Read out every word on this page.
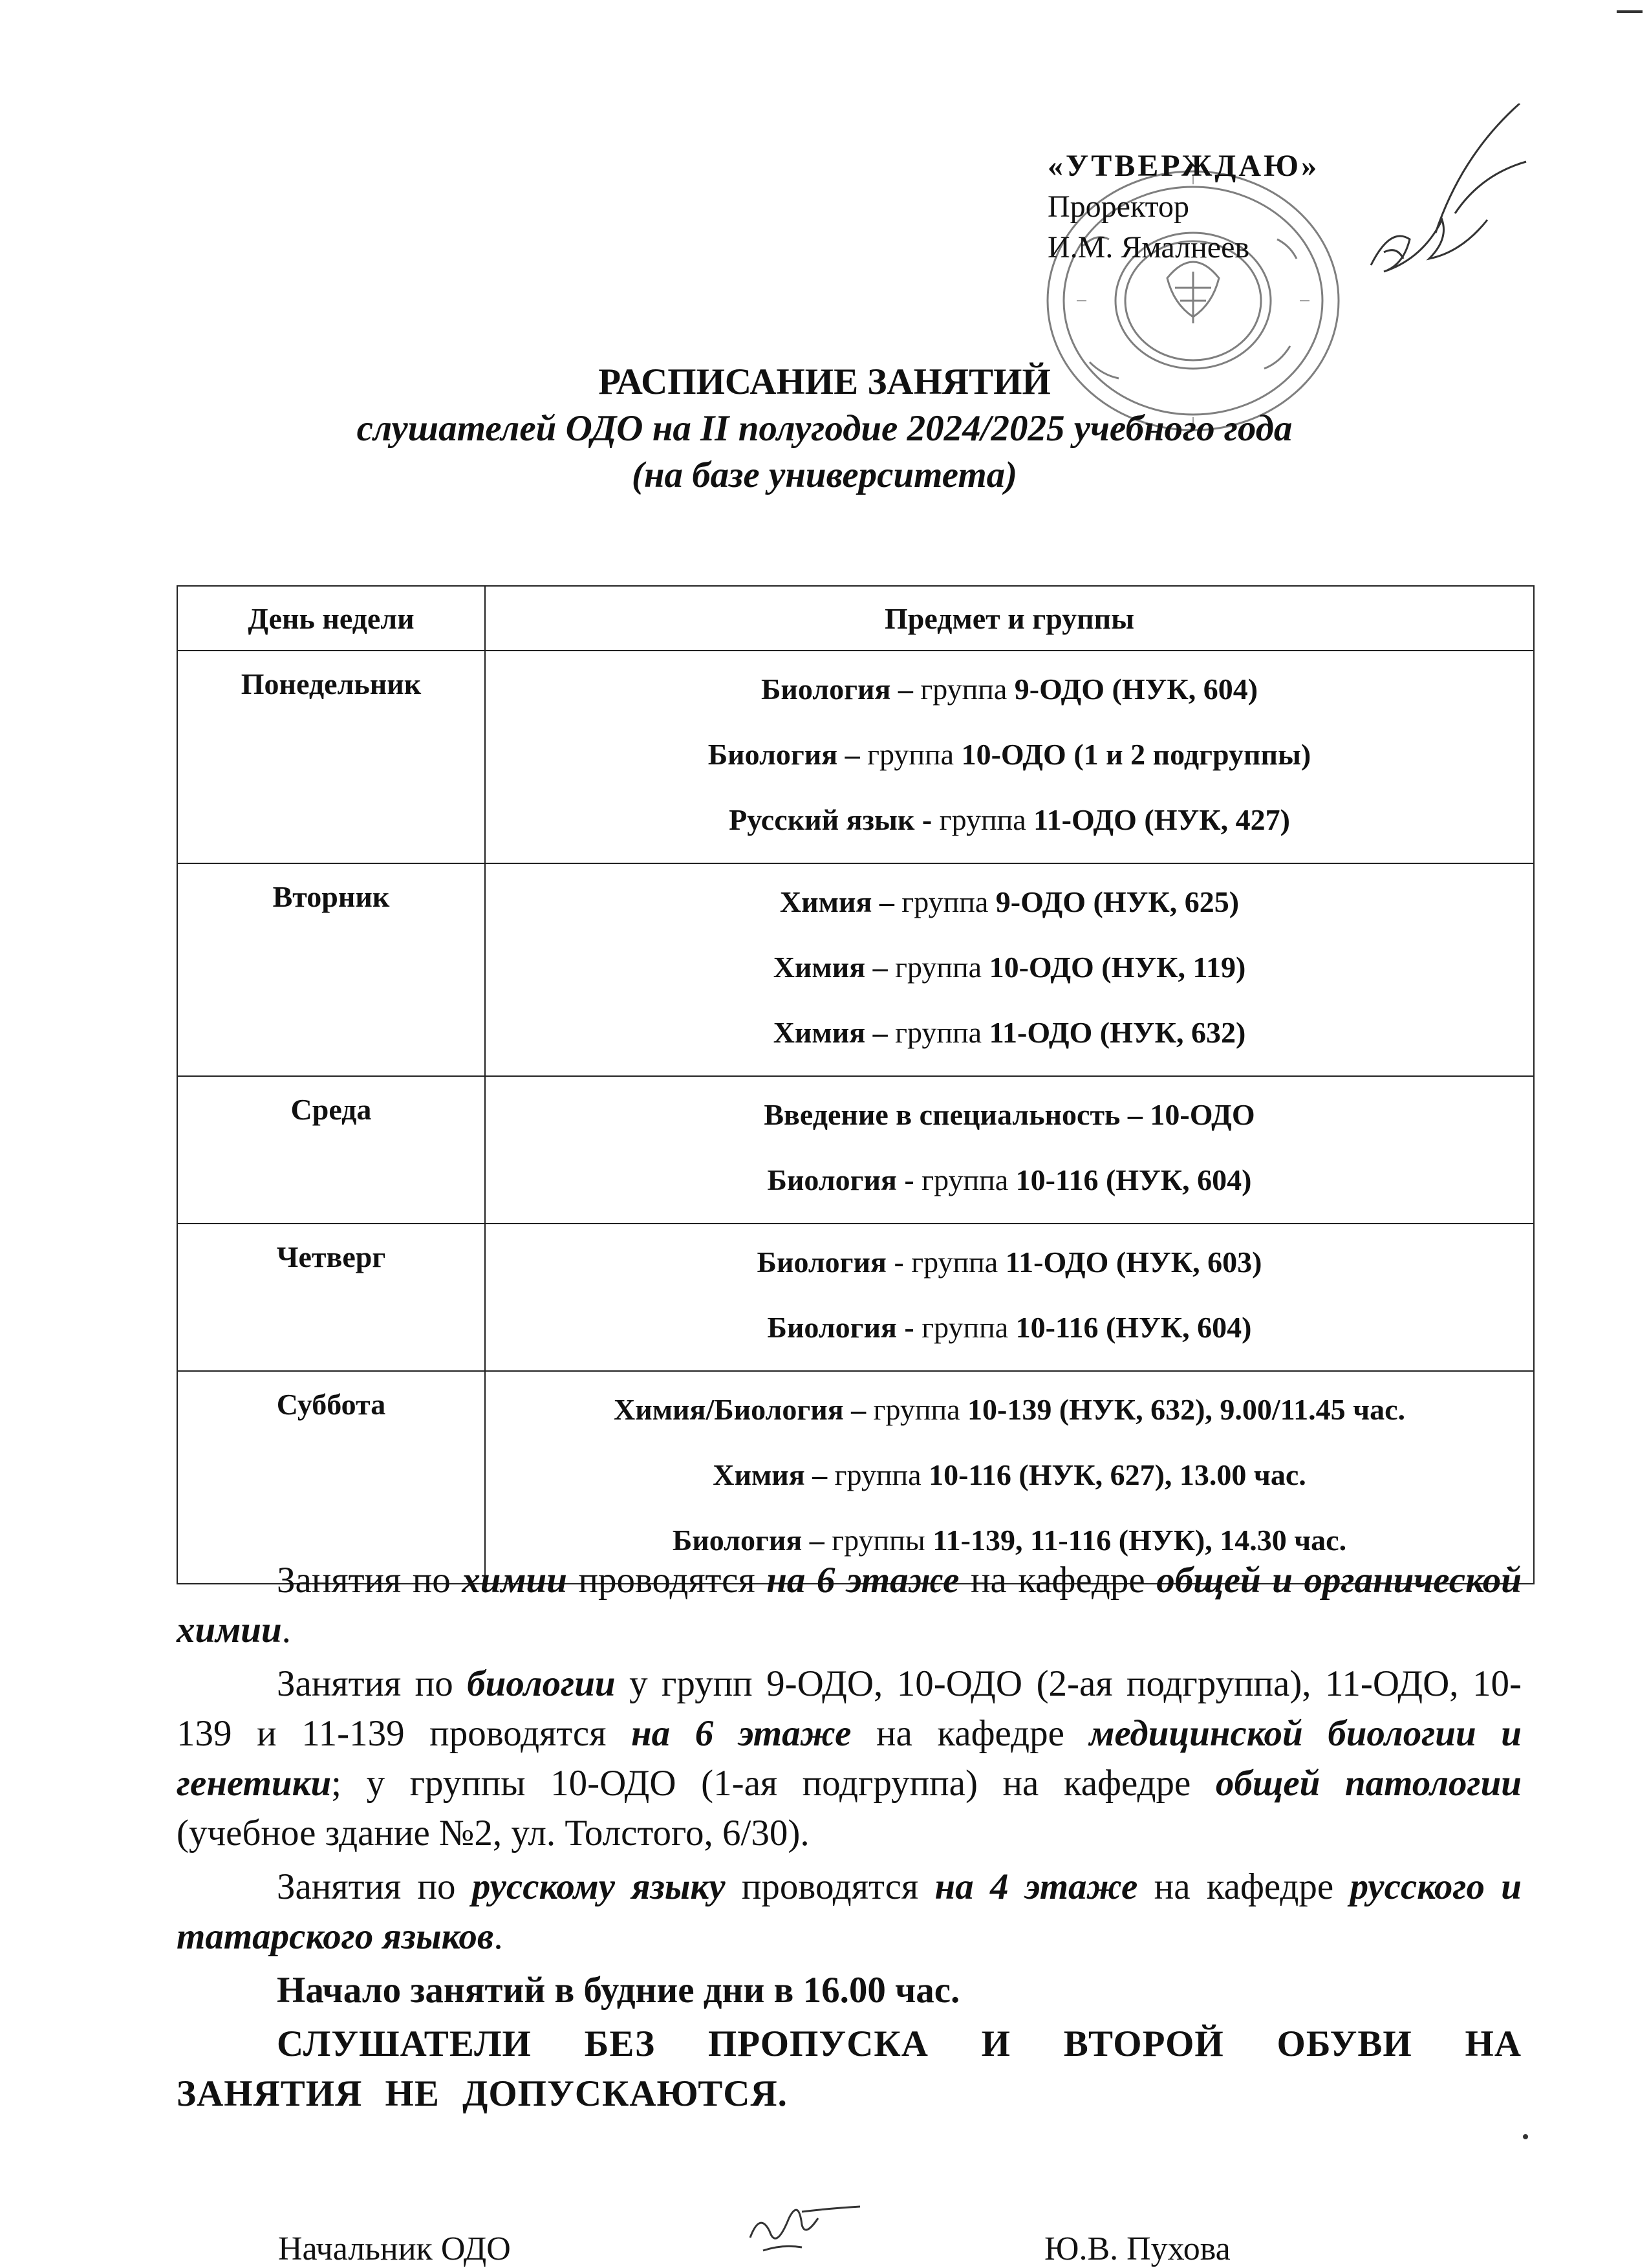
«УТВЕРЖДАЮ»
Проректор
И.М. Ямалнеев
РАСПИСАНИЕ ЗАНЯТИЙ
слушателей ОДО на II полугодие 2024/2025 учебного года
(на базе университета)
День недели	Предмет и группы
Понедельник	Биология – группа 9-ОДО (НУК, 604)
Биология – группа 10-ОДО (1 и 2 подгруппы)
Русский язык - группа 11-ОДО (НУК, 427)

Вторник	Химия – группа 9-ОДО (НУК, 625)
Химия – группа 10-ОДО (НУК, 119)
Химия – группа 11-ОДО (НУК, 632)

Среда	Введение в специальность – 10-ОДО
Биология - группа 10-116 (НУК, 604)

Четверг	Биология - группа 11-ОДО (НУК, 603)
Биология - группа 10-116 (НУК, 604)

Суббота	Химия/Биология – группа 10-139 (НУК, 632), 9.00/11.45 час.
Химия – группа 10-116 (НУК, 627), 13.00 час.
Биология – группы 11-139, 11-116 (НУК), 14.30 час.

Занятия по химии проводятся на 6 этаже на кафедре общей и органической химии.

Занятия по биологии у групп 9-ОДО, 10-ОДО (2-ая подгруппа), 11-ОДО, 10-139 и 11-139 проводятся на 6 этаже на кафедре медицинской биологии и генетики; у группы 10-ОДО (1-ая подгруппа) на кафедре общей патологии (учебное здание №2, ул. Толстого, 6/30).

Занятия по русскому языку проводятся на 4 этаже на кафедре русского и татарского языков.

Начало занятий в будние дни в 16.00 час.

СЛУШАТЕЛИ БЕЗ ПРОПУСКА И ВТОРОЙ ОБУВИ НА ЗАНЯТИЯ НЕ ДОПУСКАЮТСЯ.

Начальник ОДО	Ю.В. Пухова
